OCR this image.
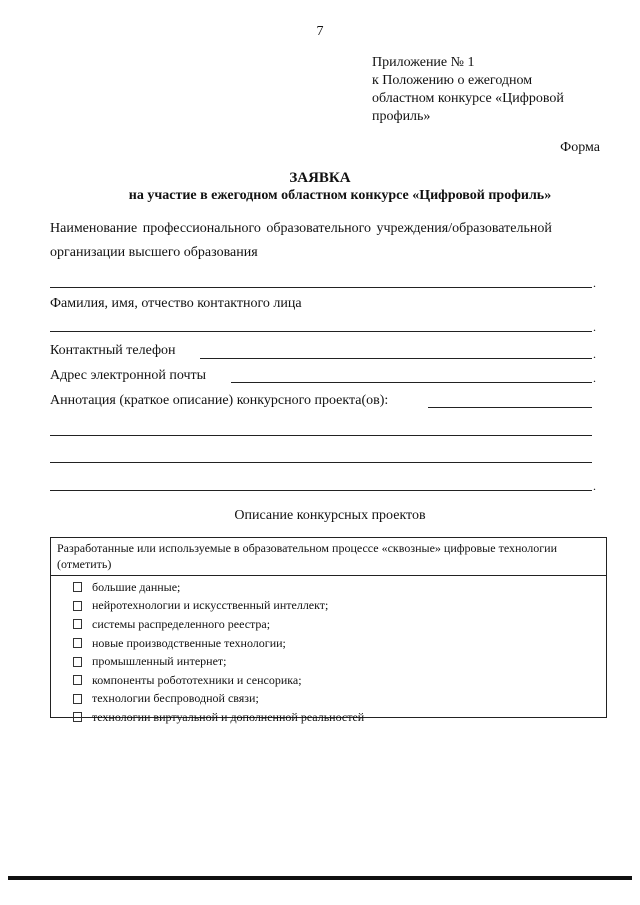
7
Приложение № 1
к Положению о ежегодном
областном конкурсе «Цифровой
профиль»
Форма
ЗАЯВКА
на участие в ежегодном областном конкурсе «Цифровой профиль»
Наименование профессионального образовательного учреждения/образовательной
организации высшего образования
.
Фамилия, имя, отчество контактного лица
.
Контактный телефон	.
Адрес электронной почты	.
Аннотация (краткое описание) конкурсного проекта(ов):
.
Описание конкурсных проектов
Разработанные или используемые в образовательном процессе «сквозные» цифровые технологии (отметить)
большие данные;
нейротехнологии и искусственный интеллект;
системы распределенного реестра;
новые производственные технологии;
промышленный интернет;
компоненты робототехники и сенсорика;
технологии беспроводной связи;
технологии виртуальной и дополненной реальностей
